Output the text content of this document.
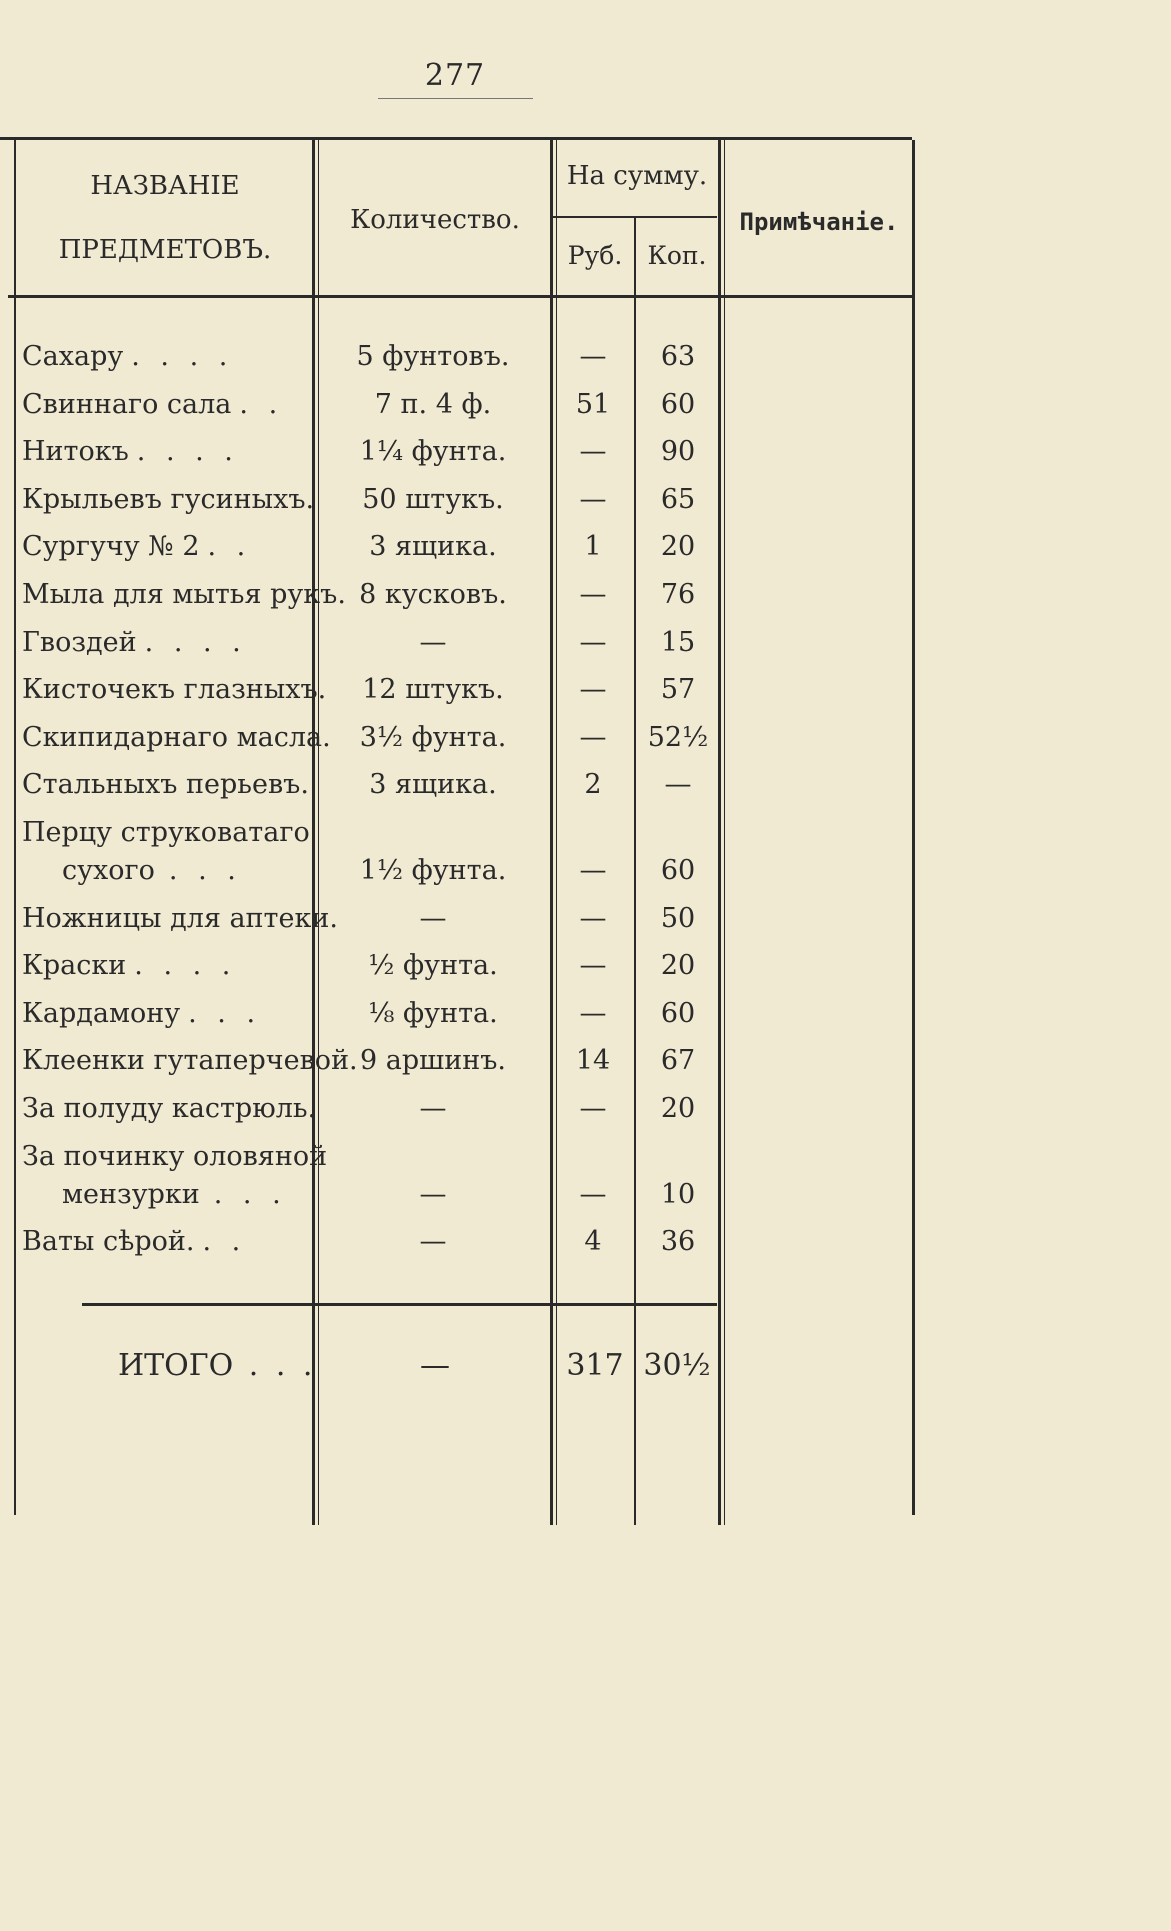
277
НАЗВАНІЕ
ПРЕДМЕТОВЪ.
Количество.
На сумму.
Руб.	Коп.
Примѣчаніе.
Сахару . . . .	5 фунтовъ.	—	63
Свиннаго сала . .	7 п. 4 ф.	51	60
Нитокъ . . . .	1¼ фунта.	—	90
Крыльевъ гусиныхъ.	50 штукъ.	—	65
Сургучу № 2 . .	3 ящика.	1	20
Мыла для мытья рукъ. 8 кусковъ.	—	76
Гвоздей . . . .	—	—	15
Кисточекъ глазныхъ.	12 штукъ.	—	57
Скипидарнаго масла.	3½ фунта.	—	52½
Стальныхъ перьевъ.	3 ящика.	2	—
Перцу струковатаго
сухого . . .	1½ фунта.	—	60
Ножницы для аптеки.	—	—	50
Краски . . . .	½ фунта.	—	20
Кардамону . . .	⅛ фунта.	—	60
Клеенки гутаперчевой. 9 аршинъ.	14	67
За полуду кастрюль.	—	—	20
За починку оловяной
мензурки . . .	—	—	10
Ваты сѣрой. . .	—	4	36
ИТОГО . . .	—	317 30½
